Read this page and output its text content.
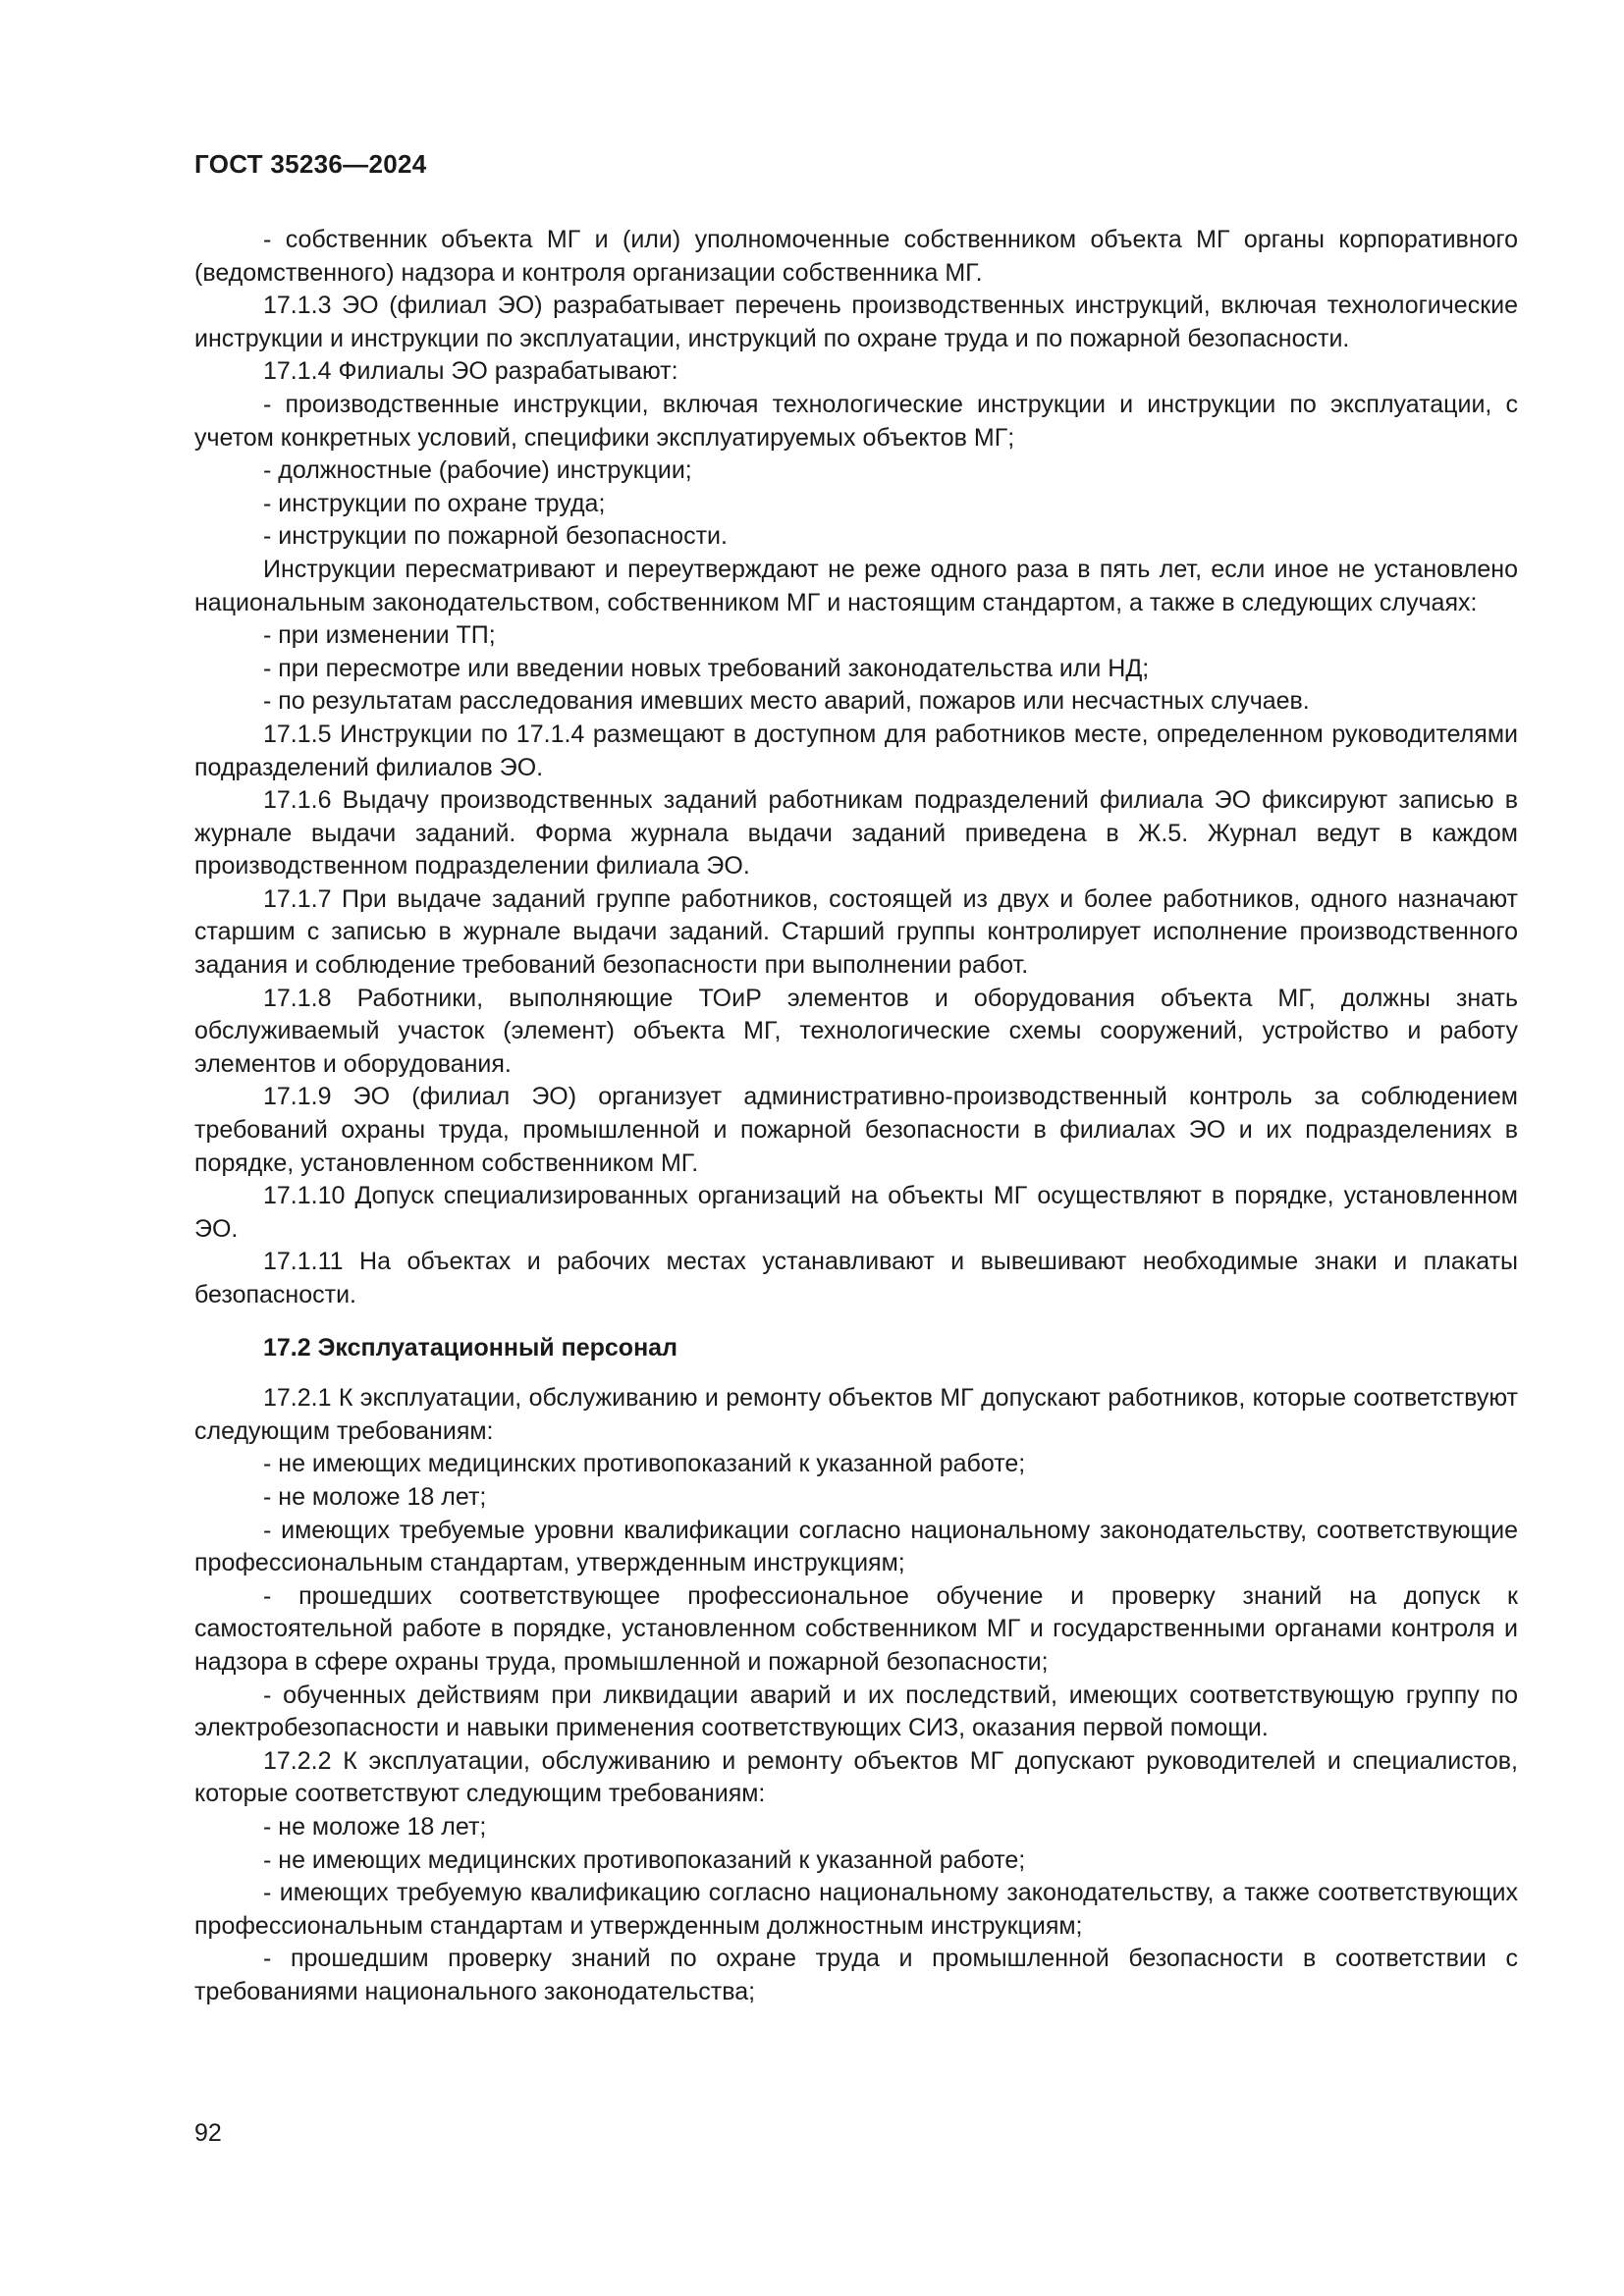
ГОСТ 35236—2024

- собственник объекта МГ и (или) уполномоченные собственником объекта МГ органы корпоративного (ведомственного) надзора и контроля организации собственника МГ.

17.1.3 ЭО (филиал ЭО) разрабатывает перечень производственных инструкций, включая технологические инструкции и инструкции по эксплуатации, инструкций по охране труда и по пожарной безопасности.

17.1.4 Филиалы ЭО разрабатывают:

- производственные инструкции, включая технологические инструкции и инструкции по эксплуатации, с учетом конкретных условий, специфики эксплуатируемых объектов МГ;

- должностные (рабочие) инструкции;

- инструкции по охране труда;

- инструкции по пожарной безопасности.

Инструкции пересматривают и переутверждают не реже одного раза в пять лет, если иное не установлено национальным законодательством, собственником МГ и настоящим стандартом, а также в следующих случаях:

- при изменении ТП;

- при пересмотре или введении новых требований законодательства или НД;

- по результатам расследования имевших место аварий, пожаров или несчастных случаев.

17.1.5 Инструкции по 17.1.4 размещают в доступном для работников месте, определенном руководителями подразделений филиалов ЭО.

17.1.6 Выдачу производственных заданий работникам подразделений филиала ЭО фиксируют записью в журнале выдачи заданий. Форма журнала выдачи заданий приведена в Ж.5. Журнал ведут в каждом производственном подразделении филиала ЭО.

17.1.7 При выдаче заданий группе работников, состоящей из двух и более работников, одного назначают старшим с записью в журнале выдачи заданий. Старший группы контролирует исполнение производственного задания и соблюдение требований безопасности при выполнении работ.

17.1.8 Работники, выполняющие ТОиР элементов и оборудования объекта МГ, должны знать обслуживаемый участок (элемент) объекта МГ, технологические схемы сооружений, устройство и работу элементов и оборудования.

17.1.9 ЭО (филиал ЭО) организует административно-производственный контроль за соблюдением требований охраны труда, промышленной и пожарной безопасности в филиалах ЭО и их подразделениях в порядке, установленном собственником МГ.

17.1.10 Допуск специализированных организаций на объекты МГ осуществляют в порядке, установленном ЭО.

17.1.11 На объектах и рабочих местах устанавливают и вывешивают необходимые знаки и плакаты безопасности.

17.2 Эксплуатационный персонал

17.2.1 К эксплуатации, обслуживанию и ремонту объектов МГ допускают работников, которые соответствуют следующим требованиям:

- не имеющих медицинских противопоказаний к указанной работе;

- не моложе 18 лет;

- имеющих требуемые уровни квалификации согласно национальному законодательству, соответствующие профессиональным стандартам, утвержденным инструкциям;

- прошедших соответствующее профессиональное обучение и проверку знаний на допуск к самостоятельной работе в порядке, установленном собственником МГ и государственными органами контроля и надзора в сфере охраны труда, промышленной и пожарной безопасности;

- обученных действиям при ликвидации аварий и их последствий, имеющих соответствующую группу по электробезопасности и навыки применения соответствующих СИЗ, оказания первой помощи.

17.2.2 К эксплуатации, обслуживанию и ремонту объектов МГ допускают руководителей и специалистов, которые соответствуют следующим требованиям:

- не моложе 18 лет;

- не имеющих медицинских противопоказаний к указанной работе;

- имеющих требуемую квалификацию согласно национальному законодательству, а также соответствующих профессиональным стандартам и утвержденным должностным инструкциям;

- прошедшим проверку знаний по охране труда и промышленной безопасности в соответствии с требованиями национального законодательства;

92
